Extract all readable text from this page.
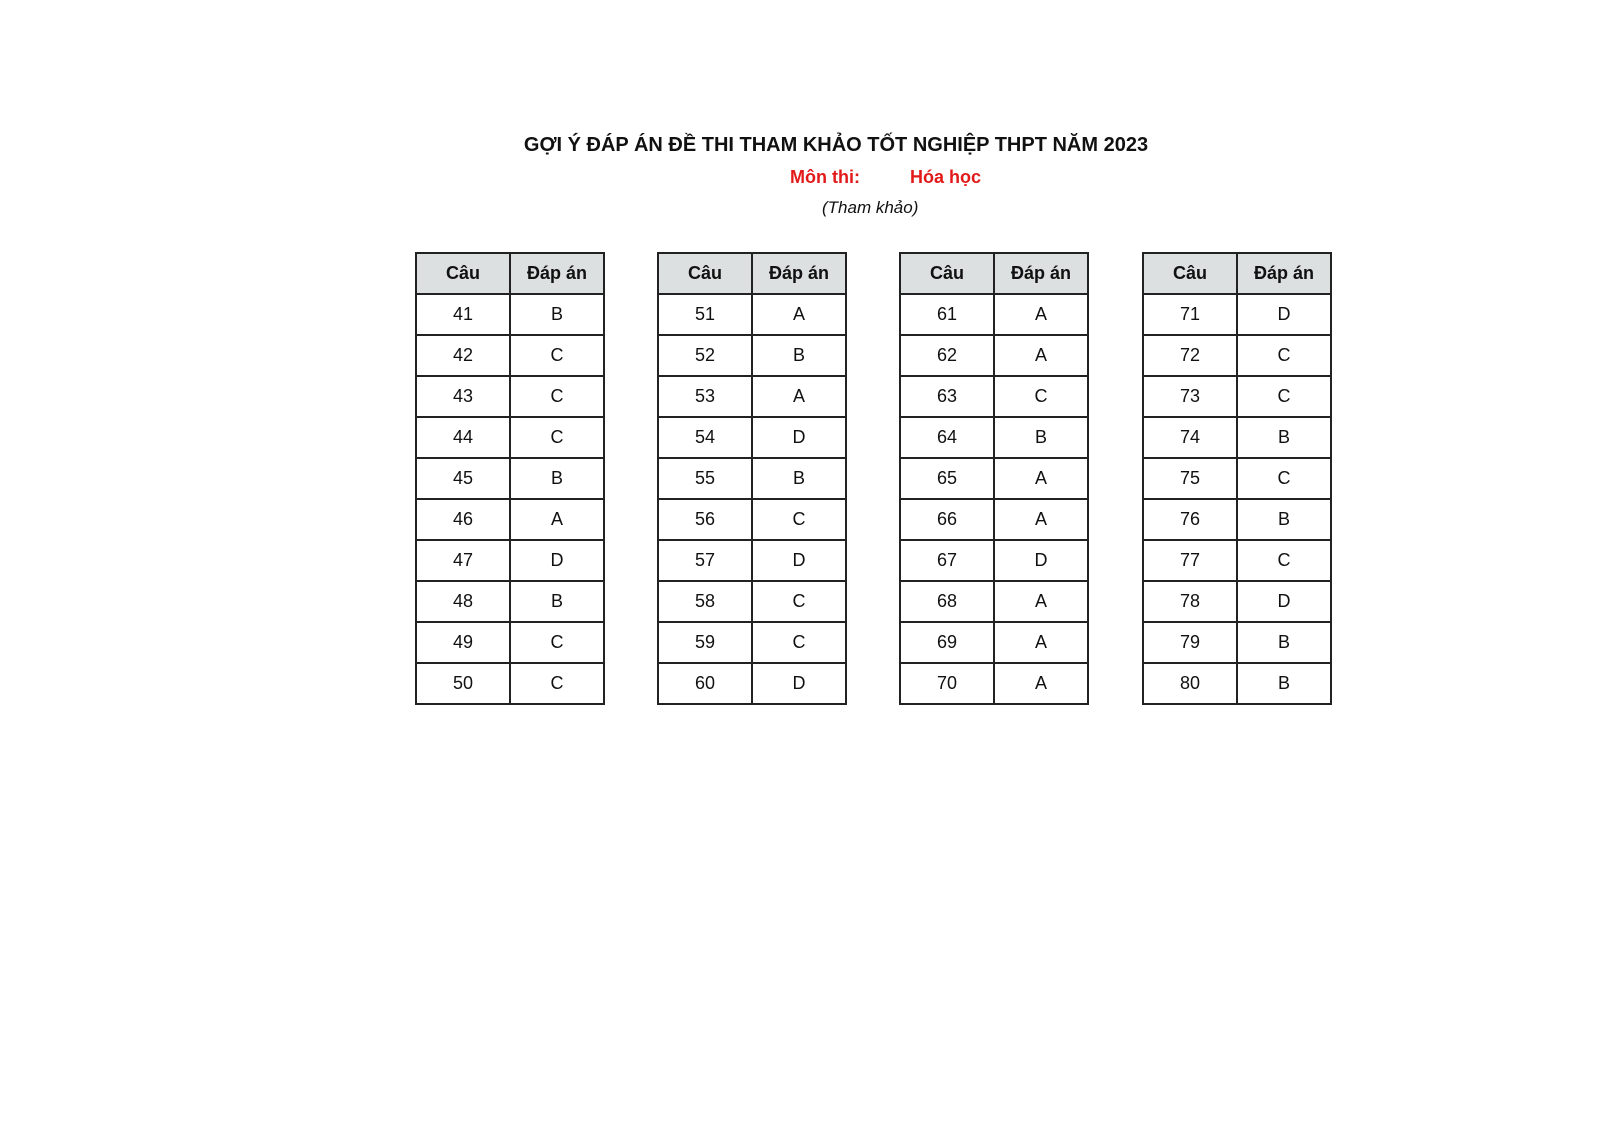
GỢI Ý ĐÁP ÁN ĐỀ THI THAM KHẢO TỐT NGHIỆP THPT NĂM 2023
Môn thi:	Hóa học
(Tham khảo)
Câu	Đáp án
41	B
42	C
43	C
44	C
45	B
46	A
47	D
48	B
49	C
50	C
Câu	Đáp án
51	A
52	B
53	A
54	D
55	B
56	C
57	D
58	C
59	C
60	D
Câu	Đáp án
61	A
62	A
63	C
64	B
65	A
66	A
67	D
68	A
69	A
70	A
Câu	Đáp án
71	D
72	C
73	C
74	B
75	C
76	B
77	C
78	D
79	B
80	B
